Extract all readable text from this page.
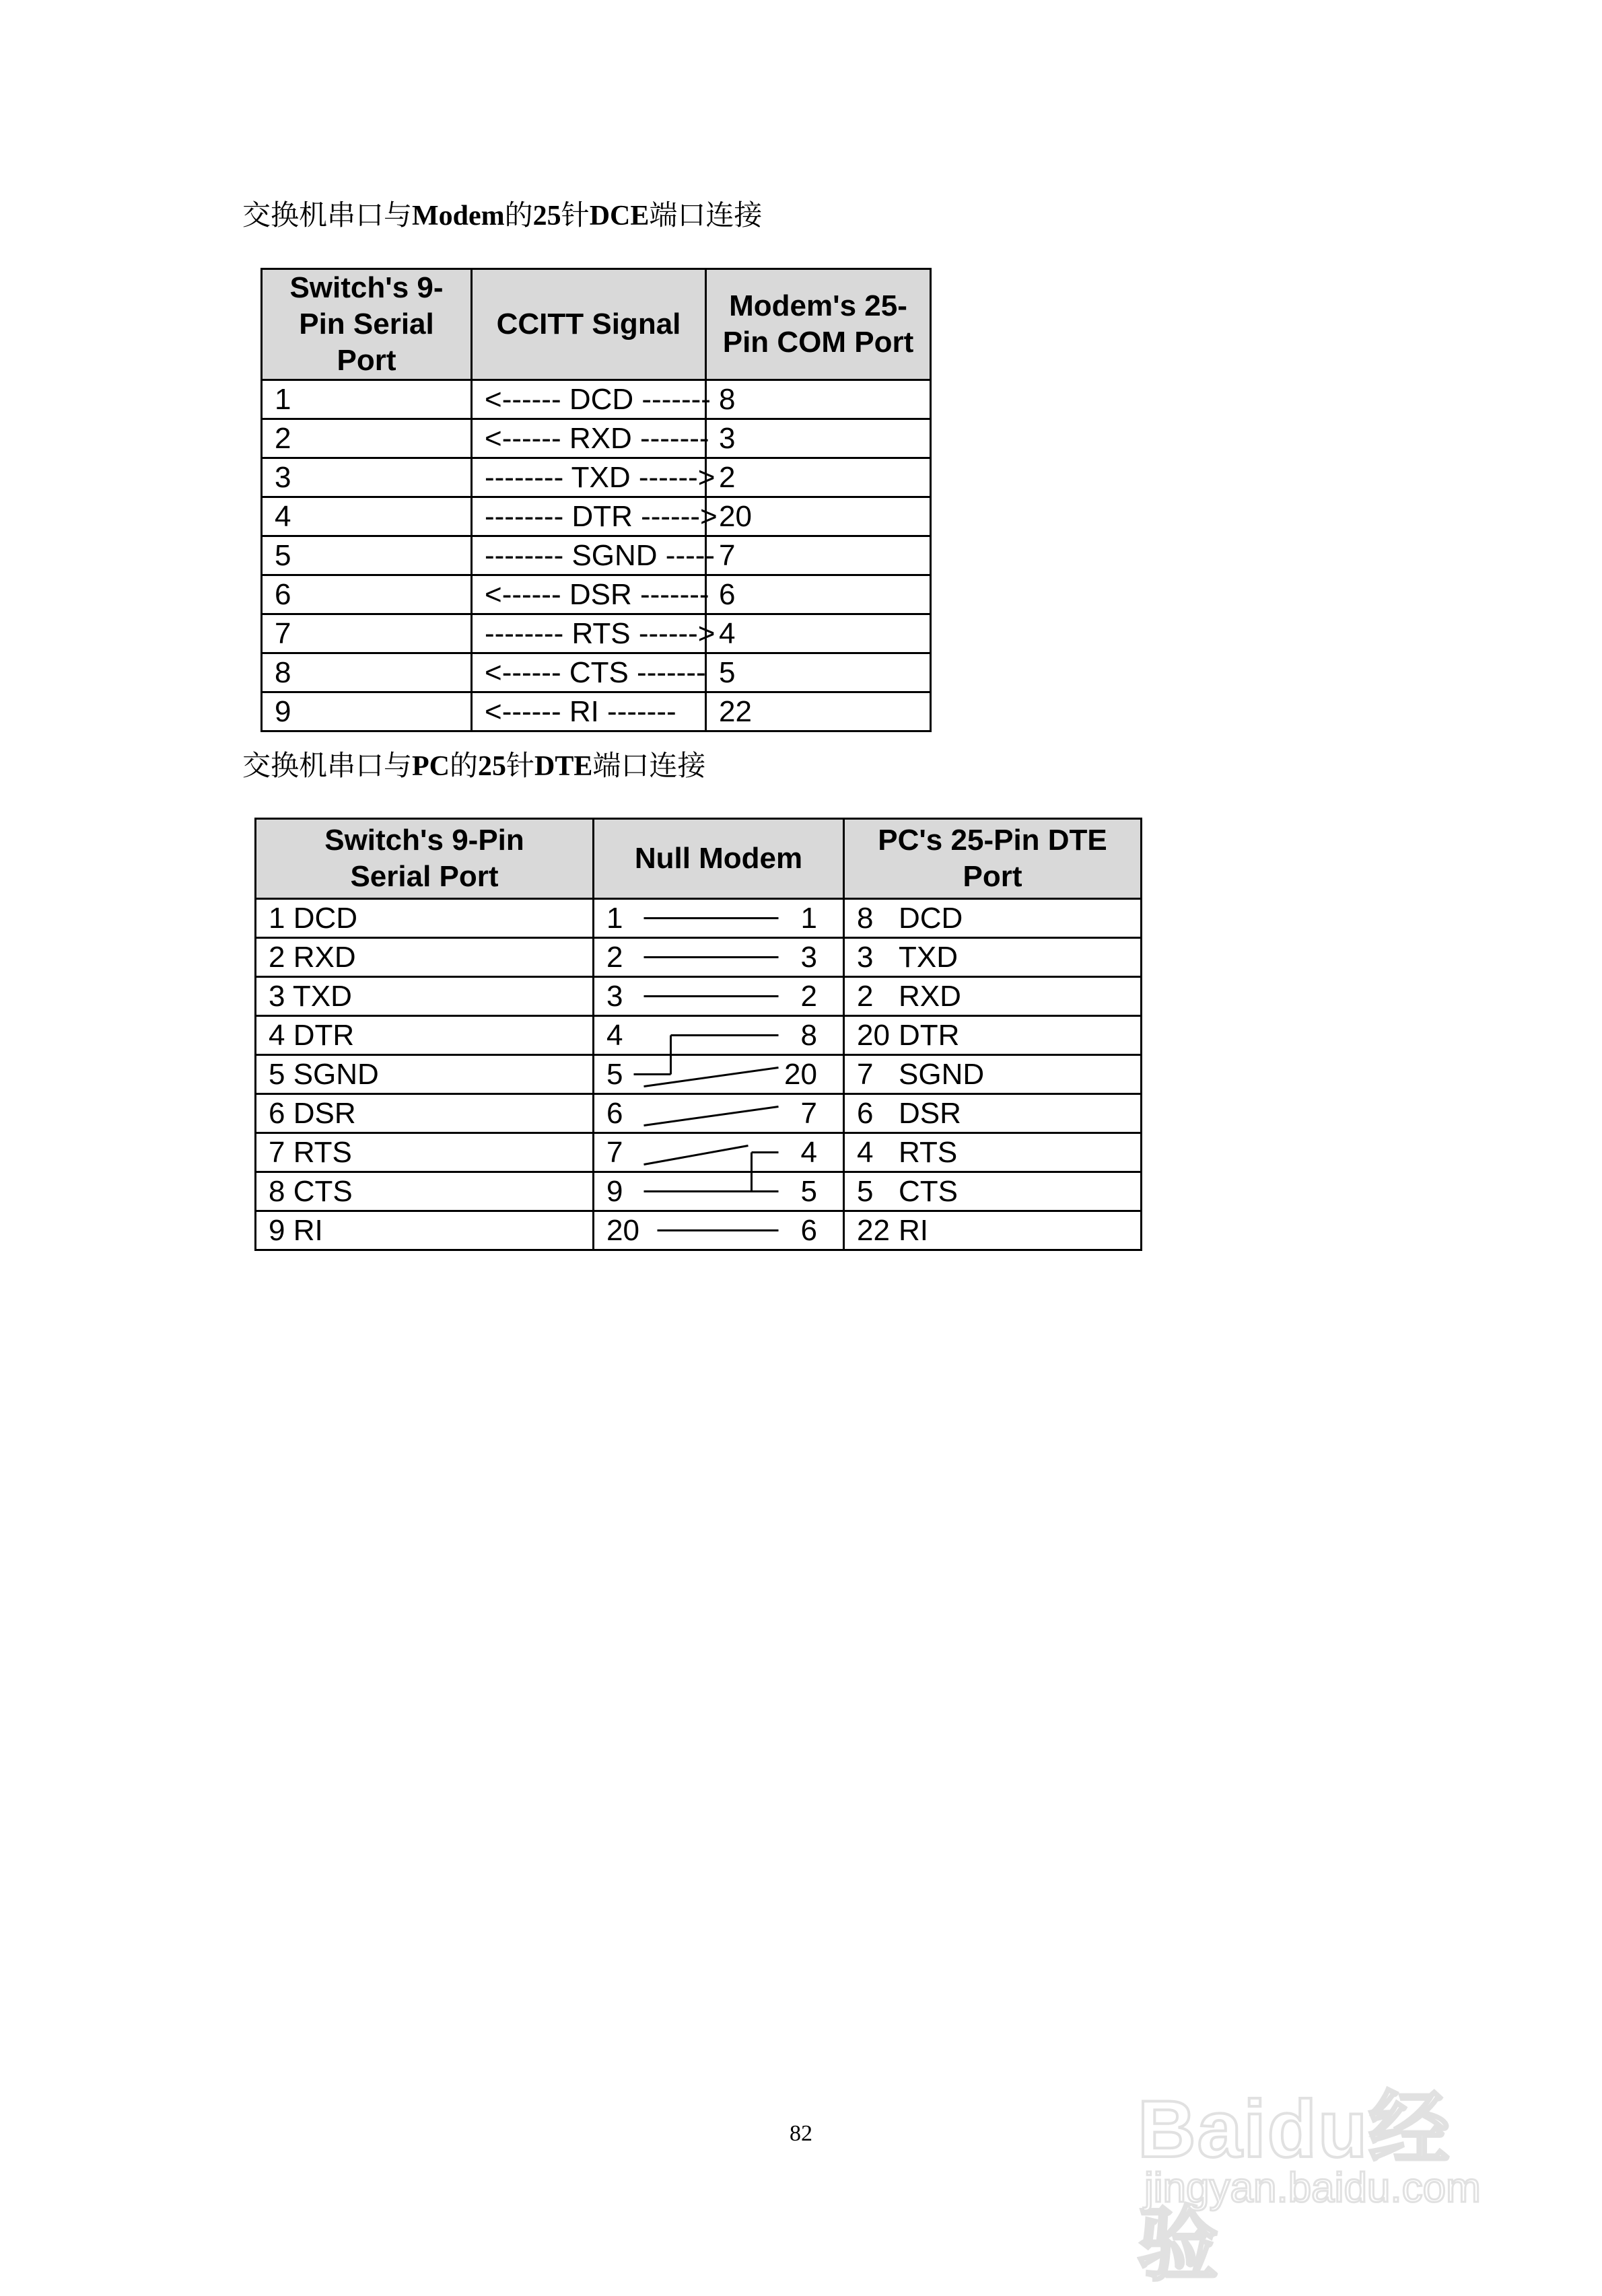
交换机串口与Modem的25针DCE端口连接
Switch's 9-Pin Serial Port	CCITT Signal	Modem's 25-Pin COM Port
1	<------ DCD -------	8
2	<------ RXD -------	3
3	-------- TXD ------>	2
4	-------- DTR ------>	20
5	-------- SGND -----	7
6	<------ DSR -------	6
7	-------- RTS ------>	4
8	<------ CTS -------	5
9	<------ RI -------	22
交换机串口与PC的25针DTE端口连接
Switch's 9-Pin Serial Port	Null Modem	PC's 25-Pin DTE Port
1 DCD	1 1	8 DCD
2 RXD	2 3	3 TXD
3 TXD	3 2	2 RXD
4 DTR	4 8	20 DTR
5 SGND	5 20	7 SGND
6 DSR	6 7	6 DSR
7 RTS	7 4	4 RTS
8 CTS	9 5	5 CTS
9 RI	20 6	22 RI
82	Baidu经验
jingyan.baidu.com
